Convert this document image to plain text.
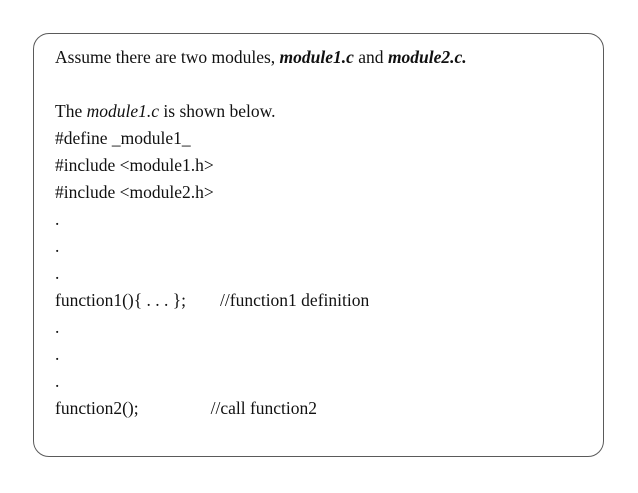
Assume there are two modules, module1.c and module2.c.
The module1.c is shown below.
#define _module1_
#include <module1.h>
#include <module2.h>
.
.
.
function1(){ . . . }; //function1 definition
.
.
.
function2();	//call function2
